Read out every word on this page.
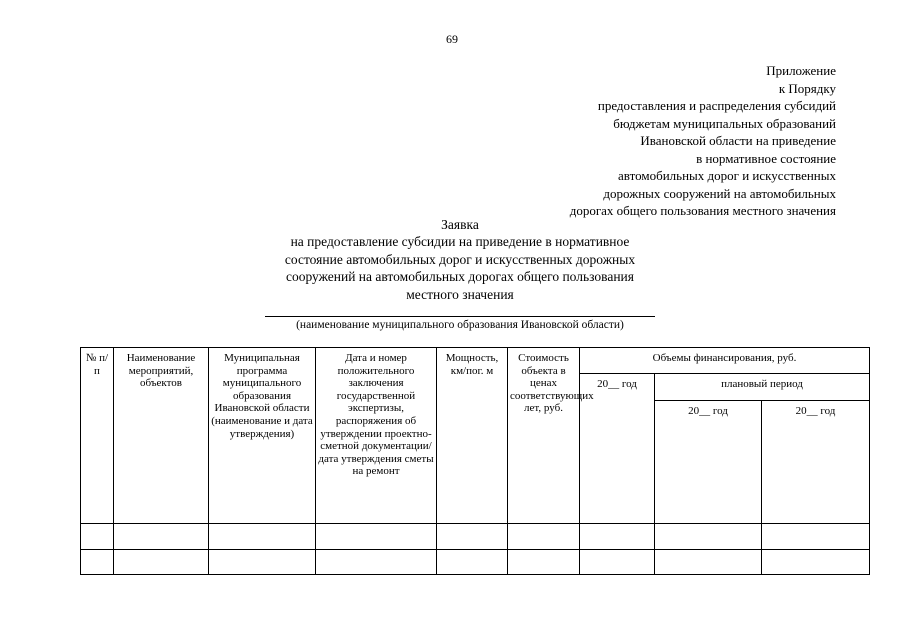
69
Приложение
к Порядку
предоставления и распределения субсидий
бюджетам муниципальных образований
Ивановской области на приведение
в нормативное состояние
автомобильных дорог и искусственных
дорожных сооружений на автомобильных
дорогах общего пользования местного значения
Заявка
на предоставление субсидии на приведение в нормативное
состояние автомобильных дорог и искусственных дорожных
сооружений на автомобильных дорогах общего пользования
местного значения
(наименование муниципального образования Ивановской области)
№ п/п	Наименование мероприятий, объектов	Муниципальная программа муниципального образования Ивановской области (наименование и дата утверждения)	Дата и номер положительного заключения государственной экспертизы, распоряжения об утверждении проектно-сметной документации/дата утверждения сметы на ремонт	Мощность, км/пог. м	Стоимость объекта в ценах соответствующих лет, руб.	Объемы финансирования, руб.		
						20__ год	плановый период	
							20__ год	20__ год
